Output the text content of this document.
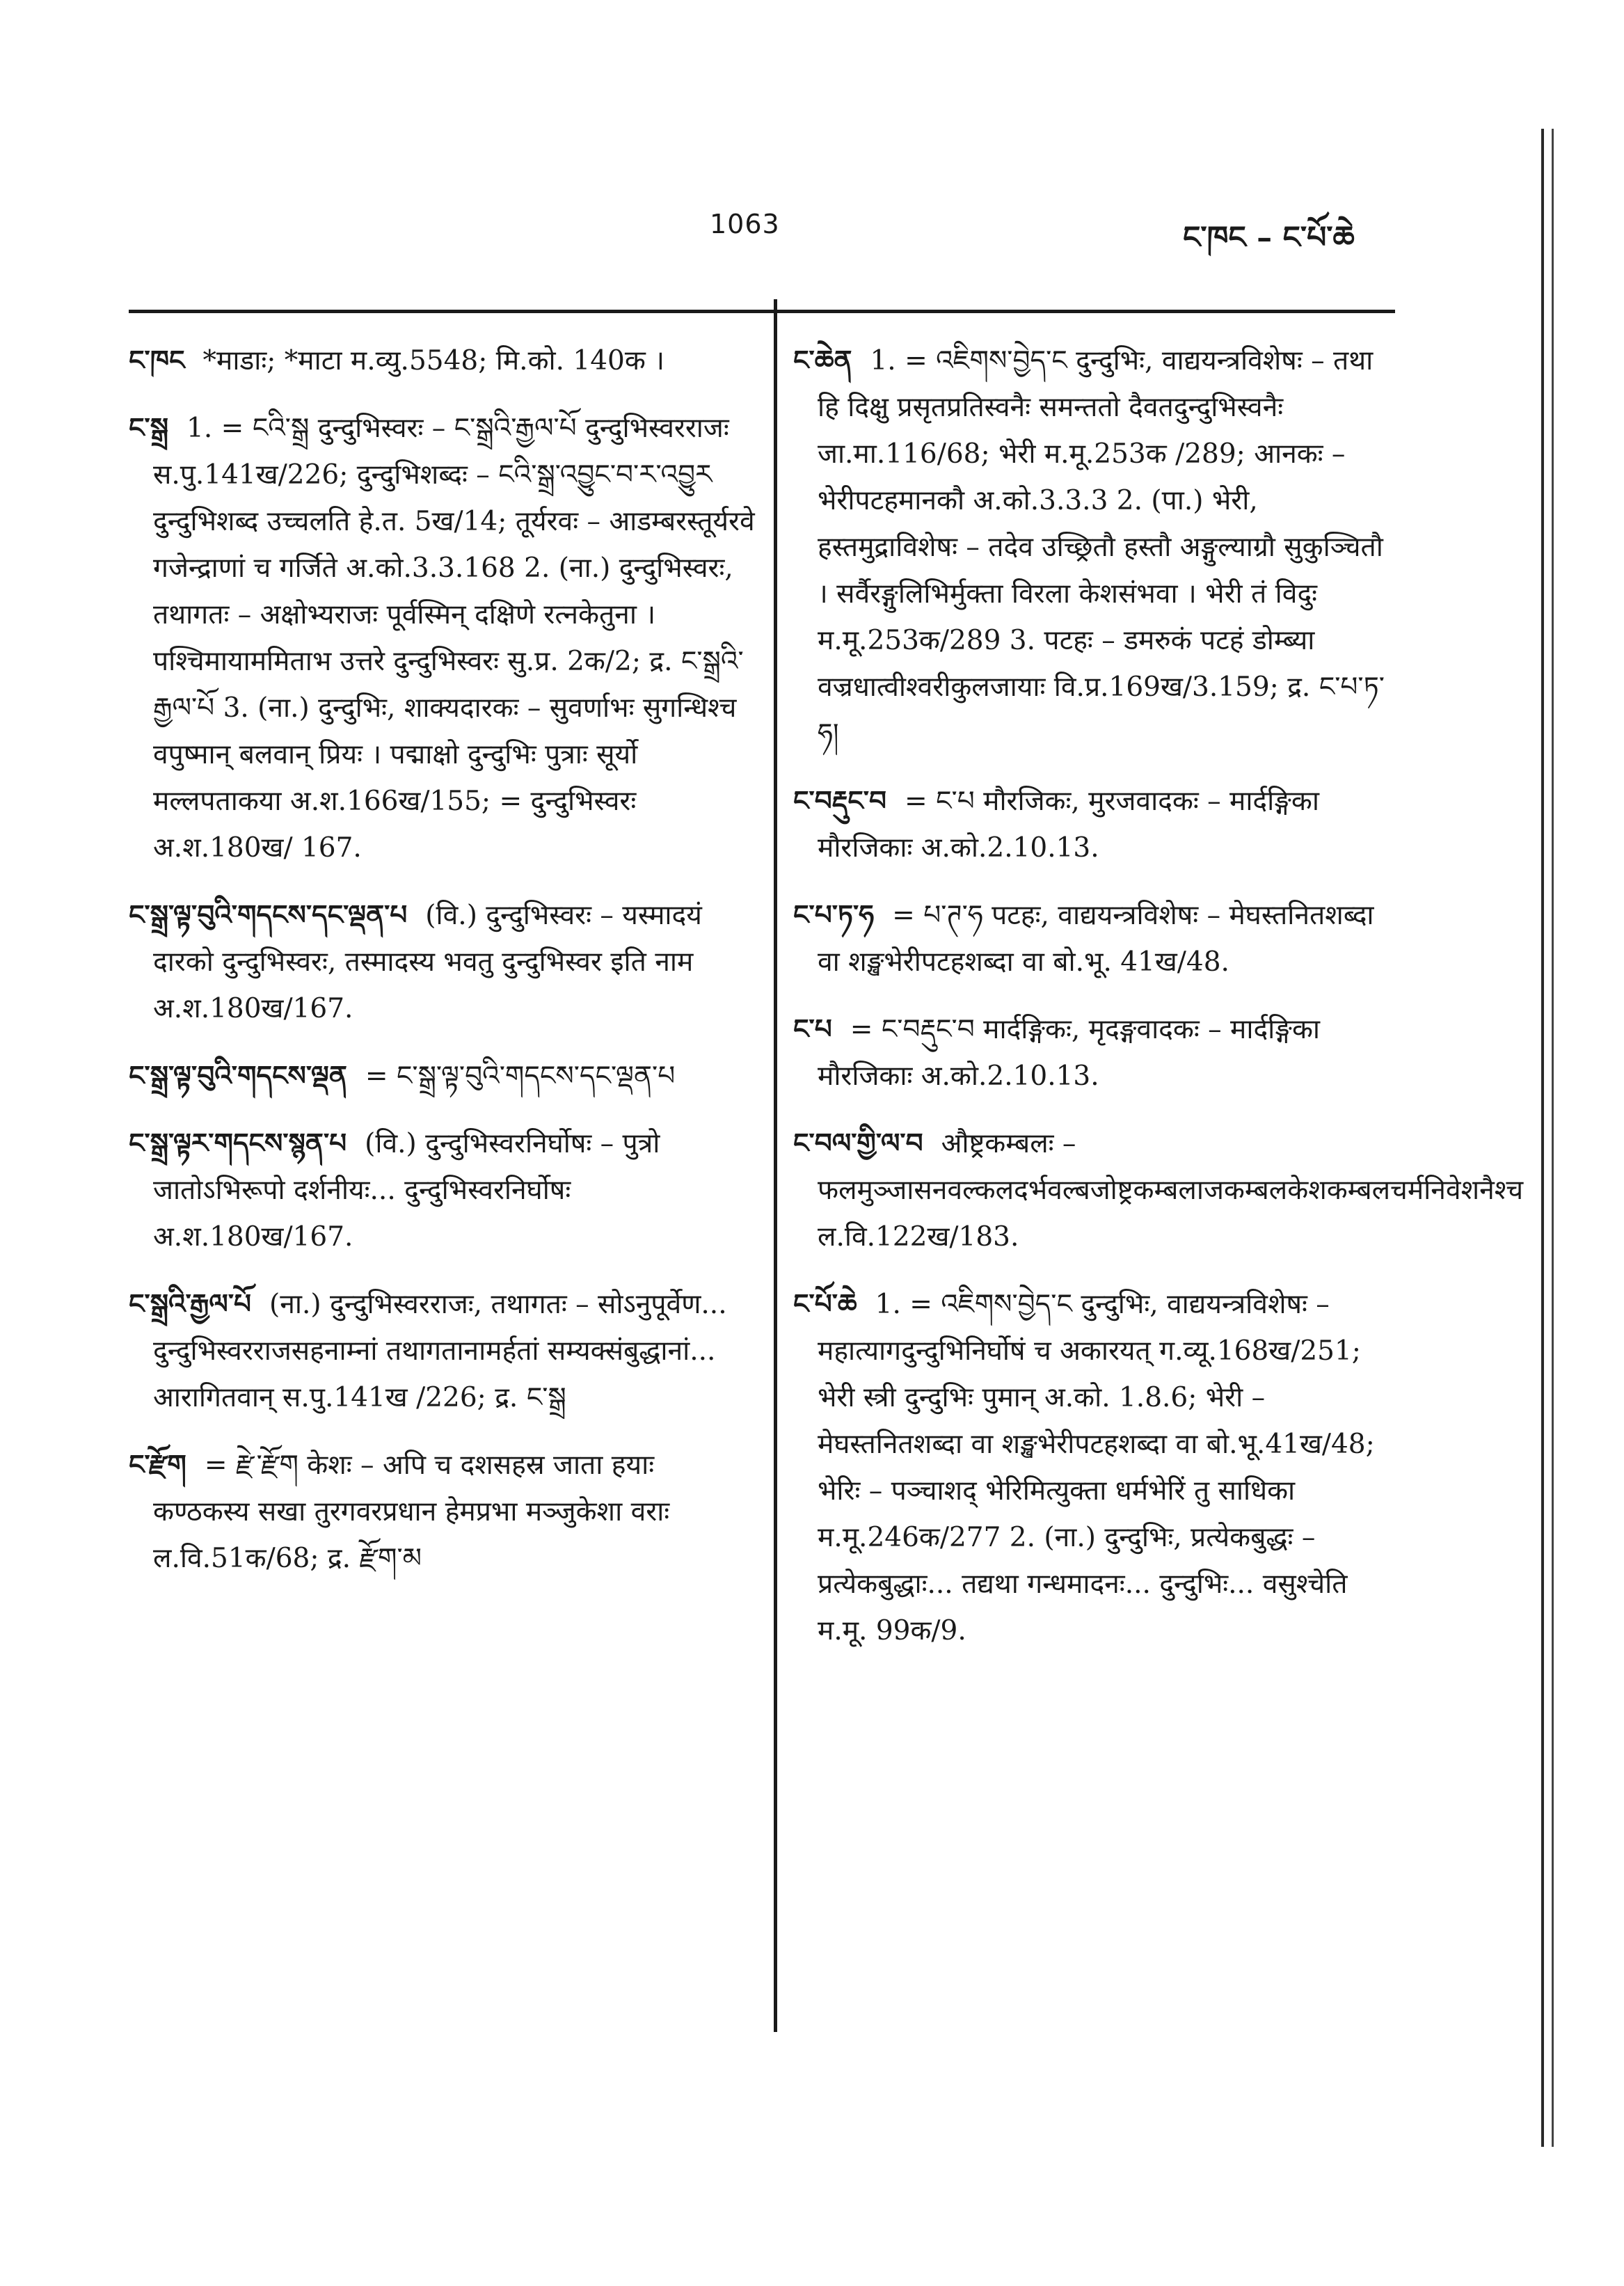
1063	ང་ཁང – ང་པོ་ཆེ
ང་ཁང *माडाः; *माटा म.व्यु.5548; मि.को. 140क ।
ང་སྒྲ 1. = ངའི་སྒྲ दुन्दुभिस्वरः – ང་སྒྲའི་རྒྱལ་པོ दुन्दुभिस्वरराजः स.पु.141ख/226; दुन्दुभिशब्दः – ངའི་སྒྲ་འབྱུང་བ་ར་འབྱུར दुन्दुभिशब्द उच्चलति हे.त. 5ख/14; तूर्यरवः – आडम्बरस्तूर्यरवे गजेन्द्राणां च गर्जिते अ.को.3.3.168 2. (ना.) दुन्दुभिस्वरः, तथागतः – अक्षोभ्यराजः पूर्वस्मिन् दक्षिणे रत्नकेतुना । पश्चिमायाममिताभ उत्तरे दुन्दुभिस्वरः सु.प्र. 2क/2; द्र. ང་སྒྲའི་རྒྱལ་པོ 3. (ना.) दुन्दुभिः, शाक्यदारकः – सुवर्णाभः सुगन्धिश्च वपुष्मान् बलवान् प्रियः । पद्माक्षो दुन्दुभिः पुत्राः सूर्यो मल्लपताकया अ.श.166ख/155; = दुन्दुभिस्वरः अ.श.180ख/ 167.
ང་སྒྲ་ལྟ་བུའི་གདངས་དང་ལྡན་པ (वि.) दुन्दुभिस्वरः – यस्मादयं दारको दुन्दुभिस्वरः, तस्मादस्य भवतु दुन्दुभिस्वर इति नाम अ.श.180ख/167.
ང་སྒྲ་ལྟ་བུའི་གདངས་ལྡན = ང་སྒྲ་ལྟ་བུའི་གདངས་དང་ལྡན་པ
ང་སྒྲ་ལྟར་གདངས་སྙན་པ (वि.) दुन्दुभिस्वरनिर्घोषः – पुत्रो जातोऽभिरूपो दर्शनीयः... दुन्दुभिस्वरनिर्घोषः अ.श.180ख/167.
ང་སྒྲའི་རྒྱལ་པོ (ना.) दुन्दुभिस्वरराजः, तथागतः – सोऽनुपूर्वेण... दुन्दुभिस्वरराजसहनाम्नां तथागतानामर्हतां सम्यक्संबुद्धानां... आरागितवान् स.पु.141ख /226; द्र. ང་སྒྲ
ང་རྫོག = རྫེ་རྫོག केशः – अपि च दशसहस्र जाता हयाः कण्ठकस्य सखा तुरगवरप्रधान हेमप्रभा मञ्जुकेशा वराः ल.वि.51क/68; द्र. རྫོག་མ
ང་ཆེན 1. = འཇིགས་བྱེད་ང दुन्दुभिः, वाद्ययन्त्रविशेषः – तथा हि दिक्षु प्रसृतप्रतिस्वनैः समन्ततो दैवतदुन्दुभिस्वनैः जा.मा.116/68; भेरी म.मू.253क /289; आनकः – भेरीपटहमानकौ अ.को.3.3.3 2. (पा.) भेरी, हस्तमुद्राविशेषः – तदेव उच्छ्रितौ हस्तौ अङ्गुल्याग्रौ सुकुञ्चितौ । सर्वैरङ्गुलिभिर्मुक्ता विरला केशसंभवा । भेरी तं विदुः म.मू.253क/289 3. पटहः – डमरुकं पटहं डोम्ब्या वज्रधात्वीश्वरीकुलजायाः वि.प्र.169ख/3.159; द्र. ང་པ་ཏ་ཧ།
ང་བརྡུང་བ = ང་པ मौरजिकः, मुरजवादकः – मार्दङ्गिका मौरजिकाः अ.को.2.10.13.
ང་པ་ཏ་ཧ = པ་ཊ་ཧ पटहः, वाद्ययन्त्रविशेषः – मेघस्तनितशब्दा वा शङ्खभेरीपटहशब्दा वा बो.भू. 41ख/48.
ང་པ = ང་བརྡུང་བ मार्दङ्गिकः, मृदङ्गवादकः – मार्दङ्गिका मौरजिकाः अ.को.2.10.13.
ང་བལ་གྱི་ལ་བ औष्ट्रकम्बलः – फलमुञ्जासनवल्कलदर्भवल्बजोष्ट्रकम्बलाजकम्बलकेशकम्बलचर्मनिवेशनैश्च ल.वि.122ख/183.
ང་པོ་ཆེ 1. = འཇིགས་བྱེད་ང दुन्दुभिः, वाद्ययन्त्रविशेषः – महात्यागदुन्दुभिनिर्घोषं च अकारयत् ग.व्यू.168ख/251; भेरी स्त्री दुन्दुभिः पुमान् अ.को. 1.8.6; भेरी – मेघस्तनितशब्दा वा शङ्खभेरीपटहशब्दा वा बो.भू.41ख/48; भेरिः – पञ्चाशद् भेरिमित्युक्ता धर्मभेरिं तु साधिका म.मू.246क/277 2. (ना.) दुन्दुभिः, प्रत्येकबुद्धः – प्रत्येकबुद्धाः... तद्यथा गन्धमादनः... दुन्दुभिः... वसुश्चेति म.मू. 99क/9.
